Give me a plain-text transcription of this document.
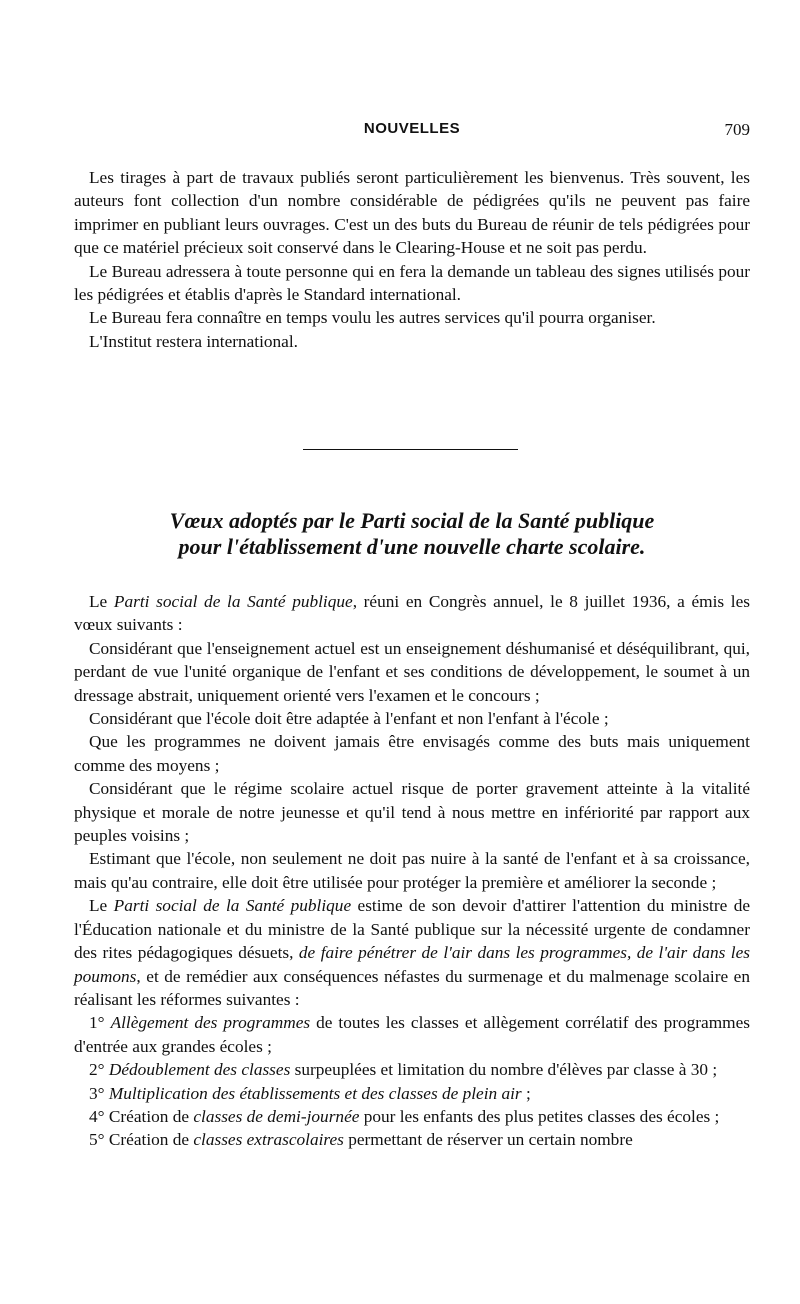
NOUVELLES	709

Les tirages à part de travaux publiés seront particulièrement les bienvenus. Très souvent, les auteurs font collection d'un nombre considérable de pédigrées qu'ils ne peuvent pas faire imprimer en publiant leurs ouvrages. C'est un des buts du Bureau de réunir de tels pédigrées pour que ce matériel précieux soit conservé dans le Clearing-House et ne soit pas perdu.

Le Bureau adressera à toute personne qui en fera la demande un tableau des signes utilisés pour les pédigrées et établis d'après le Standard international.

Le Bureau fera connaître en temps voulu les autres services qu'il pourra organiser.

L'Institut restera international.

Vœux adoptés par le Parti social de la Santé publique
pour l'établissement d'une nouvelle charte scolaire.

Le Parti social de la Santé publique, réuni en Congrès annuel, le 8 juillet 1936, a émis les vœux suivants :

Considérant que l'enseignement actuel est un enseignement déshumanisé et déséquilibrant, qui, perdant de vue l'unité organique de l'enfant et ses conditions de développement, le soumet à un dressage abstrait, uniquement orienté vers l'examen et le concours ;

Considérant que l'école doit être adaptée à l'enfant et non l'enfant à l'école ;

Que les programmes ne doivent jamais être envisagés comme des buts mais uniquement comme des moyens ;

Considérant que le régime scolaire actuel risque de porter gravement atteinte à la vitalité physique et morale de notre jeunesse et qu'il tend à nous mettre en infériorité par rapport aux peuples voisins ;

Estimant que l'école, non seulement ne doit pas nuire à la santé de l'enfant et à sa croissance, mais qu'au contraire, elle doit être utilisée pour protéger la première et améliorer la seconde ;

Le Parti social de la Santé publique estime de son devoir d'attirer l'attention du ministre de l'Éducation nationale et du ministre de la Santé publique sur la nécessité urgente de condamner des rites pédagogiques désuets, de faire pénétrer de l'air dans les programmes, de l'air dans les poumons, et de remédier aux conséquences néfastes du surmenage et du malmenage scolaire en réalisant les réformes suivantes :

1° Allègement des programmes de toutes les classes et allègement corrélatif des programmes d'entrée aux grandes écoles ;

2° Dédoublement des classes surpeuplées et limitation du nombre d'élèves par classe à 30 ;

3° Multiplication des établissements et des classes de plein air ;

4° Création de classes de demi-journée pour les enfants des plus petites classes des écoles ;

5° Création de classes extrascolaires permettant de réserver un certain nombre
